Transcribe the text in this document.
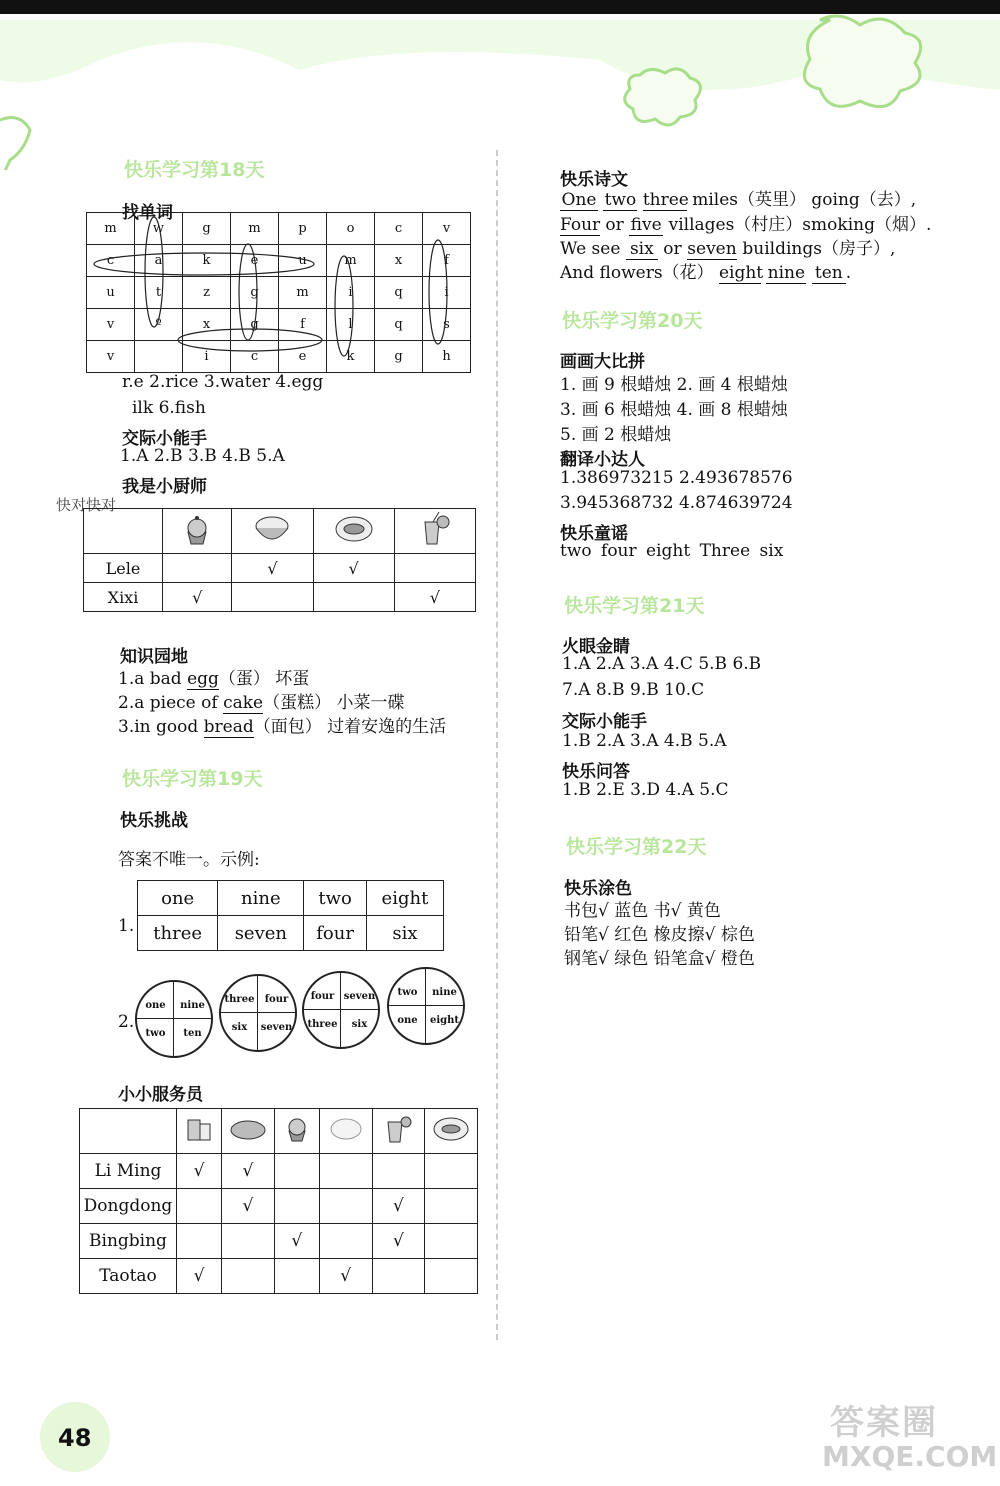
快乐学习第18天
找单词
m	w	g	m	p	o	c	v
c	a	k	e	u	m	x	f
u	t	z	g	m	i	q	i
v	º	x	g	f	l	q	s
v		i	c	e	k	g	h
r.e 2.rice 3.water 4.egg
ilk 6.fish
交际小能手
1.A 2.B 3.B 4.B 5.A
我是小厨师
快对快对

Lele		√	√	
Xixi	√			√
知识园地
1.a bad egg（蛋） 坏蛋
2.a piece of cake（蛋糕） 小菜一碟
3.in good bread（面包） 过着安逸的生活
快乐学习第19天
快乐挑战
答案不唯一。示例:
1.
one	nine	two	eight
three	seven	four	six
2.
one	nine
two	ten
three	four
six	seven
four seven
three	six
two	nine
one	eight
小小服务员

Li Ming	√	√				
Dongdong		√			√	
Bingbing			√		√	
Taotao	√			√		
快乐诗文
One two three miles（英里） going（去）,
Four or five villages（村庄）smoking（烟）.
We see six or seven buildings（房子）,
And flowers（花） eight nine ten .
快乐学习第20天
画画大比拼
1. 画 9 根蜡烛 2. 画 4 根蜡烛
3. 画 6 根蜡烛 4. 画 8 根蜡烛
5. 画 2 根蜡烛
翻译小达人
1.386973215 2.493678576
3.945368732 4.874639724
快乐童谣
two four eight Three six
快乐学习第21天
火眼金睛
1.A 2.A 3.A 4.C 5.B 6.B
7.A 8.B 9.B 10.C
交际小能手
1.B 2.A 3.A 4.B 5.A
快乐问答
1.B 2.E 3.D 4.A 5.C
快乐学习第22天
快乐涂色
书包√ 蓝色 书√ 黄色
铅笔√ 红色 橡皮擦√ 棕色
钢笔√ 绿色 铅笔盒√ 橙色
48	答案圈
MXQE.COM
